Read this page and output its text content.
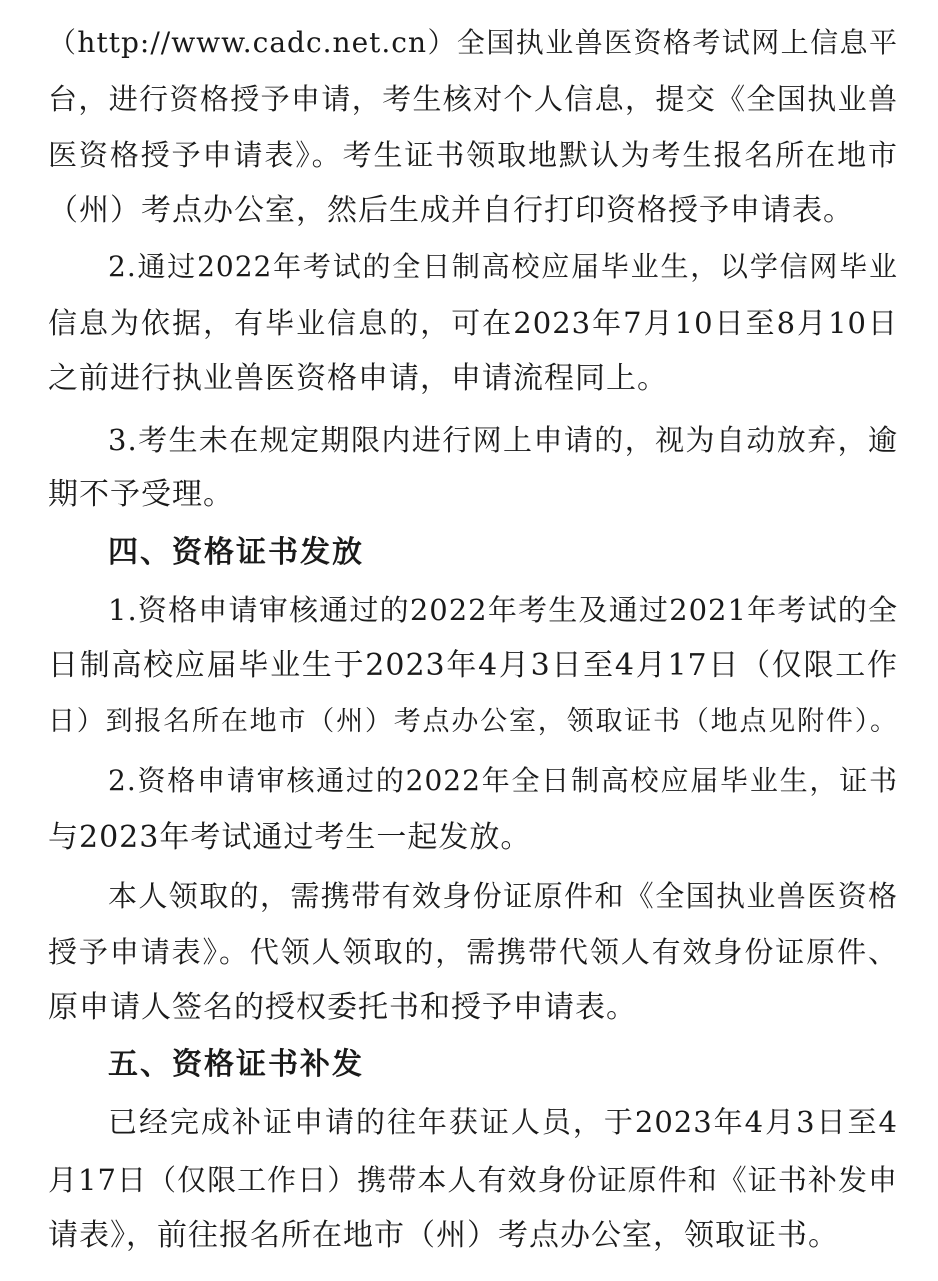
（http://www.cadc.net.cn）全国执业兽医资格考试网上信息平
台，进行资格授予申请，考生核对个人信息，提交《全国执业兽
医资格授予申请表》。考生证书领取地默认为考生报名所在地市
（州）考点办公室，然后生成并自行打印资格授予申请表。
2.通过2022年考试的全日制高校应届毕业生，以学信网毕业
信息为依据，有毕业信息的，可在2023年7月10日至8月10日
之前进行执业兽医资格申请，申请流程同上。
3.考生未在规定期限内进行网上申请的，视为自动放弃，逾
期不予受理。
四、资格证书发放
1.资格申请审核通过的2022年考生及通过2021年考试的全
日制高校应届毕业生于2023年4月3日至4月17日（仅限工作
日）到报名所在地市（州）考点办公室，领取证书（地点见附件）。
2.资格申请审核通过的2022年全日制高校应届毕业生，证书
与2023年考试通过考生一起发放。
本人领取的，需携带有效身份证原件和《全国执业兽医资格
授予申请表》。代领人领取的，需携带代领人有效身份证原件、
原申请人签名的授权委托书和授予申请表。
五、资格证书补发
已经完成补证申请的往年获证人员，于2023年4月3日至4
月17日（仅限工作日）携带本人有效身份证原件和《证书补发申
请表》，前往报名所在地市（州）考点办公室，领取证书。
